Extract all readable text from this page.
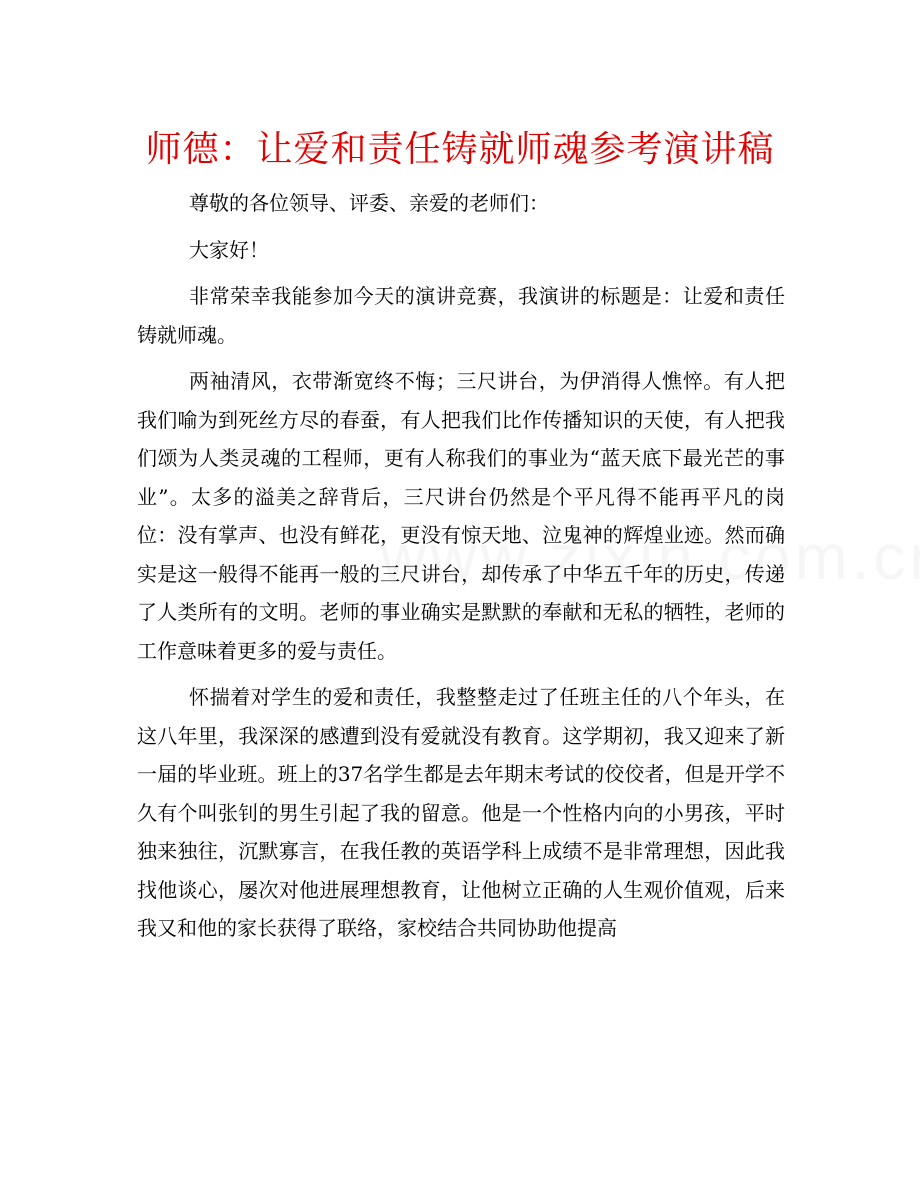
师德：让爱和责任铸就师魂参考演讲稿

尊敬的各位领导、评委、亲爱的老师们：

大家好！

非常荣幸我能参加今天的演讲竞赛，我演讲的标题是：让爱和责任铸就师魂。

两袖清风，衣带渐宽终不悔；三尺讲台，为伊消得人憔悴。有人把我们喻为到死丝方尽的春蚕，有人把我们比作传播知识的天使，有人把我们颂为人类灵魂的工程师，更有人称我们的事业为“蓝天底下最光芒的事业”。太多的溢美之辞背后，三尺讲台仍然是个平凡得不能再平凡的岗位：没有掌声、也没有鲜花，更没有惊天地、泣鬼神的辉煌业迹。然而确实是这一般得不能再一般的三尺讲台，却传承了中华五千年的历史，传递了人类所有的文明。老师的事业确实是默默的奉献和无私的牺牲，老师的工作意味着更多的爱与责任。

怀揣着对学生的爱和责任，我整整走过了任班主任的八个年头，在这八年里，我深深的感遭到没有爱就没有教育。这学期初，我又迎来了新一届的毕业班。班上的37名学生都是去年期末考试的佼佼者，但是开学不久有个叫张钊的男生引起了我的留意。他是一个性格内向的小男孩，平时独来独往，沉默寡言，在我任教的英语学科上成绩不是非常理想，因此我找他谈心，屡次对他进展理想教育，让他树立正确的人生观价值观，后来我又和他的家长获得了联络，家校结合共同协助他提高
